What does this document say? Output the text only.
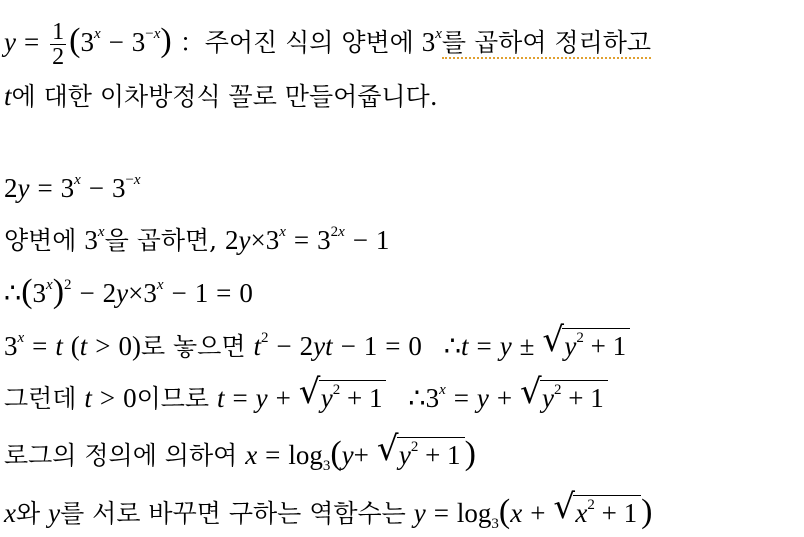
$y = \frac{1}{2} (3^x - 3^{-x})$ ：주어진 식의 양변에 3$^x$를 곱하여 정리하고
t에 대한 이차방정식 꼴로 만들어줍니다.
$2y = 3^x - 3^{-x}$
양변에 3$^x$을 곱하면, $2y\times 3^x = 3^{2x} - 1$
$\therefore(3^x)^2 - 2y\times 3^x - 1 = 0$
$3^x = t$ (t > 0)로 놓으면 $t^2 - 2yt - 1 = 0$ ∴t = y ± √ $y^2 + 1$
그런데 t > 0이므로 t = y + √ $y^2 + 1$ $\therefore 3^x = y$ + √ $y^2 + 1$
로그의 정의에 의하여 $x = \log_3(y+$ √ $y^2 + 1$ )
x와 y를 서로 바꾸면 구하는 역함수는 $y = \log_3(x$ + √ $x^2 + 1$ )
